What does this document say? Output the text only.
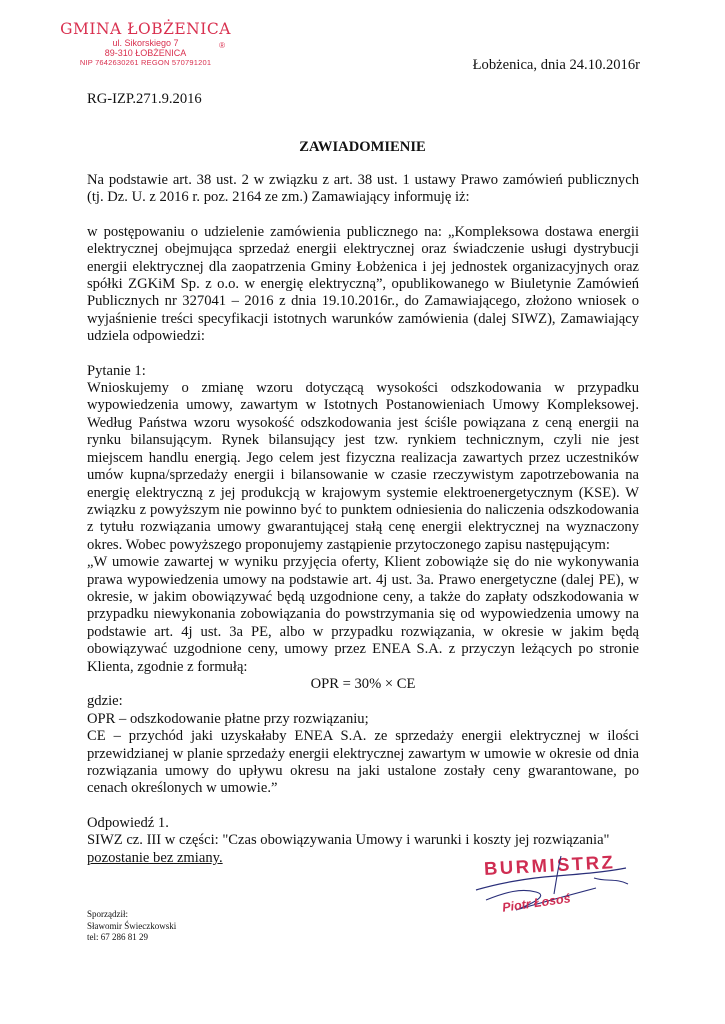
GMINA ŁOBŻENICA
ul. Sikorskiego 7
89-310 ŁOBŻENICA
NIP 7642630261 REGON 570791201
®
Łobżenica, dnia 24.10.2016r
RG-IZP.271.9.2016
ZAWIADOMIENIE

Na podstawie art. 38 ust. 2 w związku z art. 38 ust. 1 ustawy Prawo zamówień publicznych (tj. Dz. U. z 2016 r. poz. 2164 ze zm.) Zamawiający informuję iż:

w postępowaniu o udzielenie zamówienia publicznego na: „Kompleksowa dostawa energii elektrycznej obejmująca sprzedaż energii elektrycznej oraz świadczenie usługi dystrybucji energii elektrycznej dla zaopatrzenia Gminy Łobżenica i jej jednostek organizacyjnych oraz spółki ZGKiM Sp. z o.o. w energię elektryczną”, opublikowanego w Biuletynie Zamówień Publicznych nr 327041 – 2016 z dnia 19.10.2016r., do Zamawiającego, złożono wniosek o wyjaśnienie treści specyfikacji istotnych warunków zamówienia (dalej SIWZ), Zamawiający udziela odpowiedzi:

Pytanie 1:

Wnioskujemy o zmianę wzoru dotyczącą wysokości odszkodowania w przypadku wypowiedzenia umowy, zawartym w Istotnych Postanowieniach Umowy Kompleksowej. Według Państwa wzoru wysokość odszkodowania jest ściśle powiązana z ceną energii na rynku bilansującym. Rynek bilansujący jest tzw. rynkiem technicznym, czyli nie jest miejscem handlu energią. Jego celem jest fizyczna realizacja zawartych przez uczestników umów kupna/sprzedaży energii i bilansowanie w czasie rzeczywistym zapotrzebowania na energię elektryczną z jej produkcją w krajowym systemie elektroenergetycznym (KSE). W związku z powyższym nie powinno być to punktem odniesienia do naliczenia odszkodowania z tytułu rozwiązania umowy gwarantującej stałą cenę energii elektrycznej na wyznaczony okres. Wobec powyższego proponujemy zastąpienie przytoczonego zapisu następującym:

„W umowie zawartej w wyniku przyjęcia oferty, Klient zobowiąże się do nie wykonywania prawa wypowiedzenia umowy na podstawie art. 4j ust. 3a. Prawo energetyczne (dalej PE), w okresie, w jakim obowiązywać będą uzgodnione ceny, a także do zapłaty odszkodowania w przypadku niewykonania zobowiązania do powstrzymania się od wypowiedzenia umowy na podstawie art. 4j ust. 3a PE, albo w przypadku rozwiązania, w okresie w jakim będą obowiązywać uzgodnione ceny, umowy przez ENEA S.A. z przyczyn leżących po stronie Klienta, zgodnie z formułą:

OPR = 30% × CE

gdzie:

OPR – odszkodowanie płatne przy rozwiązaniu;

CE – przychód jaki uzyskałaby ENEA S.A. ze sprzedaży energii elektrycznej w ilości przewidzianej w planie sprzedaży energii elektrycznej zawartym w umowie w okresie od dnia rozwiązania umowy do upływu okresu na jaki ustalone zostały ceny gwarantowane, po cenach określonych w umowie.”

Odpowiedź 1.

SIWZ cz. III w części: "Czas obowiązywania Umowy i warunki i koszty jej rozwiązania"

pozostanie bez zmiany.	BURMISTRZ
Piotr Łosoś
Sporządził:
Sławomir Świeczkowski
tel: 67 286 81 29
